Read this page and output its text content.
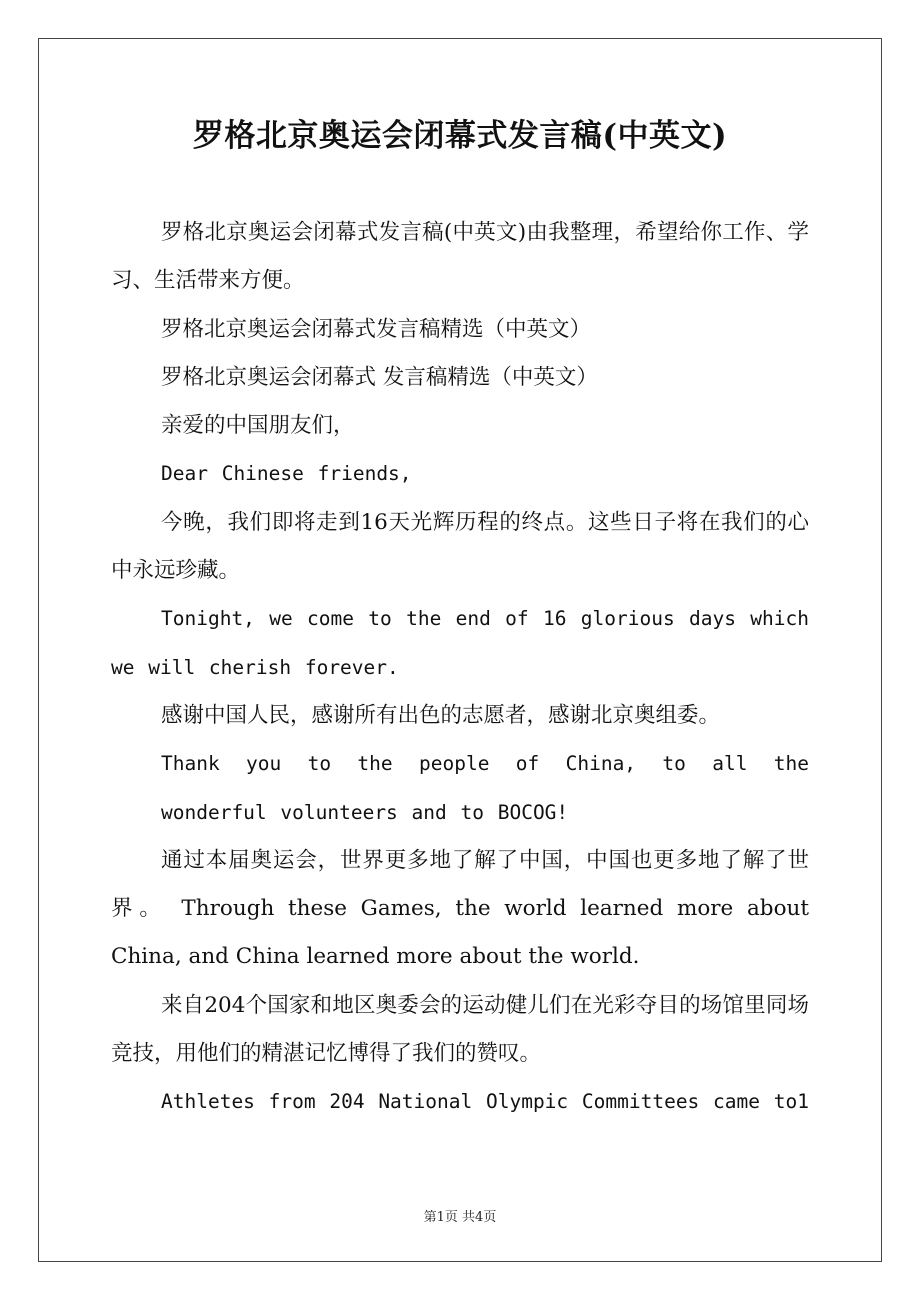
罗格北京奥运会闭幕式发言稿(中英文)

罗格北京奥运会闭幕式发言稿(中英文)由我整理，希望给你工作、学习、生活带来方便。

罗格北京奥运会闭幕式发言稿精选（中英文）

罗格北京奥运会闭幕式 发言稿精选（中英文）

亲爱的中国朋友们，

Dear Chinese friends,

今晚，我们即将走到16天光辉历程的终点。这些日子将在我们的心中永远珍藏。

Tonight, we come to the end of 16 glorious days which we will cherish forever.

感谢中国人民，感谢所有出色的志愿者，感谢北京奥组委。

Thank you to the people of China, to all the wonderful volunteers and to BOCOG!

通过本届奥运会，世界更多地了解了中国，中国也更多地了解了世界。 Through these Games, the world learned more about China, and China learned more about the world.

来自204个国家和地区奥委会的运动健儿们在光彩夺目的场馆里同场竞技，用他们的精湛记忆博得了我们的赞叹。

Athletes from 204 National Olympic Committees came to1

第1页 共4页
